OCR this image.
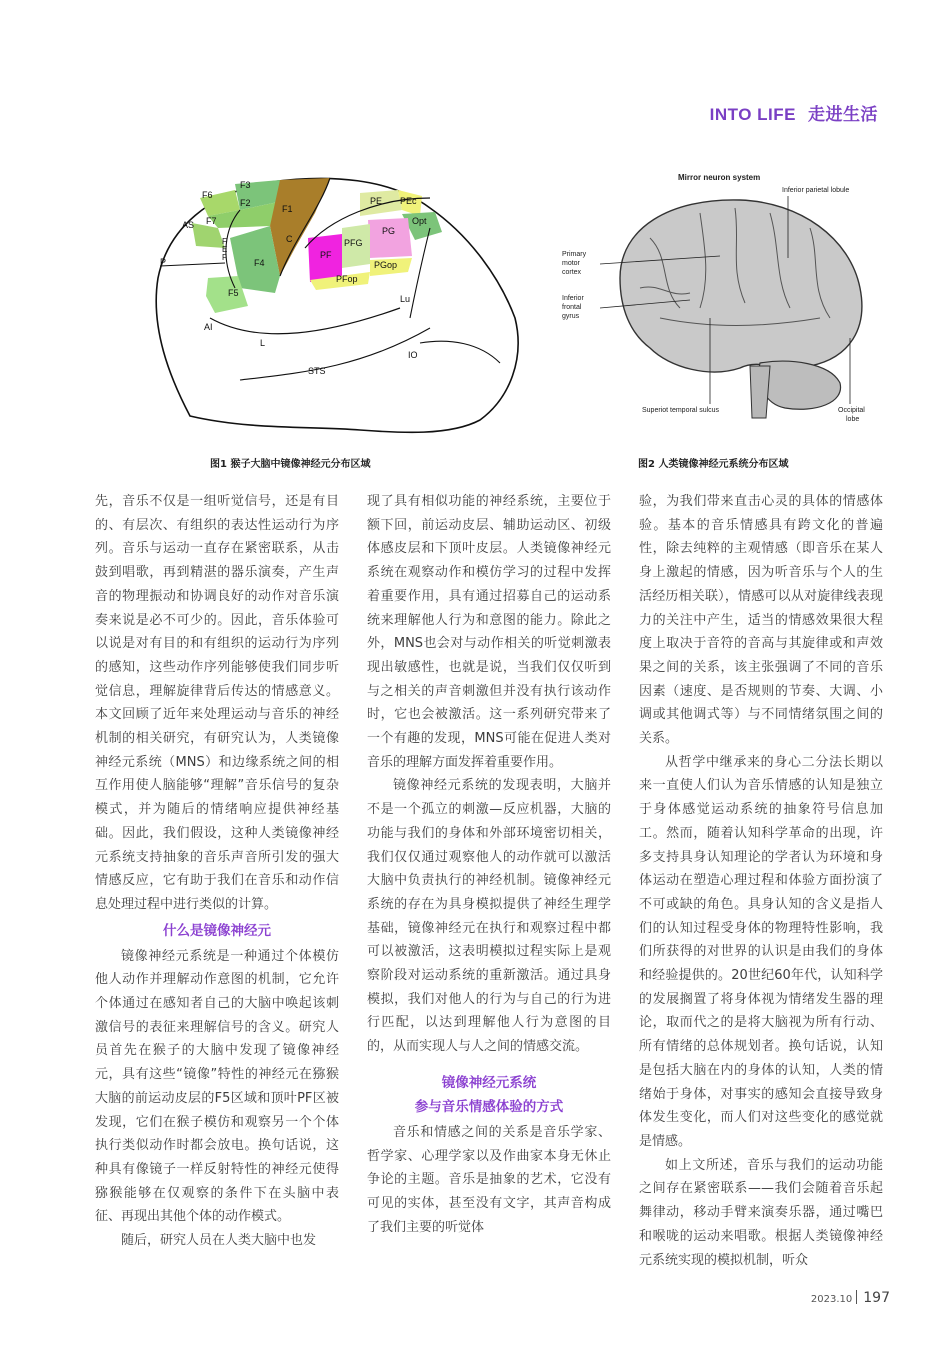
INTO LIFE 走进生活
F6
F3
F2
F7
F1
F4
F5
C
PE PEc
Opt
PG
PFG
PF
PGop
PFop
AS
P
AI
L
Lu
IO
STS
F
E
F
图1 猴子大脑中镜像神经元分布区域
Mirror neuron system
Inferior parietal lobule
Primary
motor
cortex
Inferior
frontal
gyrus
Superiot temporal sulcus	Occipital
lobe
图2 人类镜像神经元系统分布区域

先，音乐不仅是一组听觉信号，还是有目的、有层次、有组织的表达性运动行为序列。音乐与运动一直存在紧密联系，从击鼓到唱歌，再到精湛的器乐演奏，产生声音的物理振动和协调良好的动作对音乐演奏来说是必不可少的。因此，音乐体验可以说是对有目的和有组织的运动行为序列的感知，这些动作序列能够使我们同步听觉信息，理解旋律背后传达的情感意义。本文回顾了近年来处理运动与音乐的神经机制的相关研究，有研究认为，人类镜像神经元系统（MNS）和边缘系统之间的相互作用使人脑能够“理解”音乐信号的复杂模式，并为随后的情绪响应提供神经基础。因此，我们假设，这种人类镜像神经元系统支持抽象的音乐声音所引发的强大情感反应，它有助于我们在音乐和动作信息处理过程中进行类似的计算。

什么是镜像神经元

镜像神经元系统是一种通过个体模仿他人动作并理解动作意图的机制，它允许个体通过在感知者自己的大脑中唤起该刺激信号的表征来理解信号的含义。研究人员首先在猴子的大脑中发现了镜像神经元，具有这些“镜像”特性的神经元在猕猴大脑的前运动皮层的F5区域和顶叶PF区被发现，它们在猴子模仿和观察另一个个体执行类似动作时都会放电。换句话说，这种具有像镜子一样反射特性的神经元使得猕猴能够在仅观察的条件下在头脑中表征、再现出其他个体的动作模式。

随后，研究人员在人类大脑中也发

现了具有相似功能的神经系统，主要位于额下回，前运动皮层、辅助运动区、初级体感皮层和下顶叶皮层。人类镜像神经元系统在观察动作和模仿学习的过程中发挥着重要作用，具有通过招募自己的运动系统来理解他人行为和意图的能力。除此之外，MNS也会对与动作相关的听觉刺激表现出敏感性，也就是说，当我们仅仅听到与之相关的声音刺激但并没有执行该动作时，它也会被激活。这一系列研究带来了一个有趣的发现，MNS可能在促进人类对音乐的理解方面发挥着重要作用。

镜像神经元系统的发现表明，大脑并不是一个孤立的刺激—反应机器，大脑的功能与我们的身体和外部环境密切相关，我们仅仅通过观察他人的动作就可以激活大脑中负责执行的神经机制。镜像神经元系统的存在为具身模拟提供了神经生理学基础，镜像神经元在执行和观察过程中都可以被激活，这表明模拟过程实际上是观察阶段对运动系统的重新激活。通过具身模拟，我们对他人的行为与自己的行为进行匹配，以达到理解他人行为意图的目的，从而实现人与人之间的情感交流。

镜像神经元系统
参与音乐情感体验的方式

音乐和情感之间的关系是音乐学家、哲学家、心理学家以及作曲家本身无休止争论的主题。音乐是抽象的艺术，它没有可见的实体，甚至没有文字，其声音构成了我们主要的听觉体

验，为我们带来直击心灵的具体的情感体验。基本的音乐情感具有跨文化的普遍性，除去纯粹的主观情感（即音乐在某人身上激起的情感，因为听音乐与个人的生活经历相关联），情感可以从对旋律线表现力的关注中产生，适当的情感效果很大程度上取决于音符的音高与其旋律或和声效果之间的关系，该主张强调了不同的音乐因素（速度、是否规则的节奏、大调、小调或其他调式等）与不同情绪氛围之间的关系。

从哲学中继承来的身心二分法长期以来一直使人们认为音乐情感的认知是独立于身体感觉运动系统的抽象符号信息加工。然而，随着认知科学革命的出现，许多支持具身认知理论的学者认为环境和身体运动在塑造心理过程和体验方面扮演了不可或缺的角色。具身认知的含义是指人们的认知过程受身体的物理特性影响，我们所获得的对世界的认识是由我们的身体和经验提供的。20世纪60年代，认知科学的发展搁置了将身体视为情绪发生器的理论，取而代之的是将大脑视为所有行动、所有情绪的总体规划者。换句话说，认知是包括大脑在内的身体的认知，人类的情绪始于身体，对事实的感知会直接导致身体发生变化，而人们对这些变化的感觉就是情感。

如上文所述，音乐与我们的运动功能之间存在紧密联系——我们会随着音乐起舞律动，移动手臂来演奏乐器，通过嘴巴和喉咙的运动来唱歌。根据人类镜像神经元系统实现的模拟机制，听众

2023.10 197
